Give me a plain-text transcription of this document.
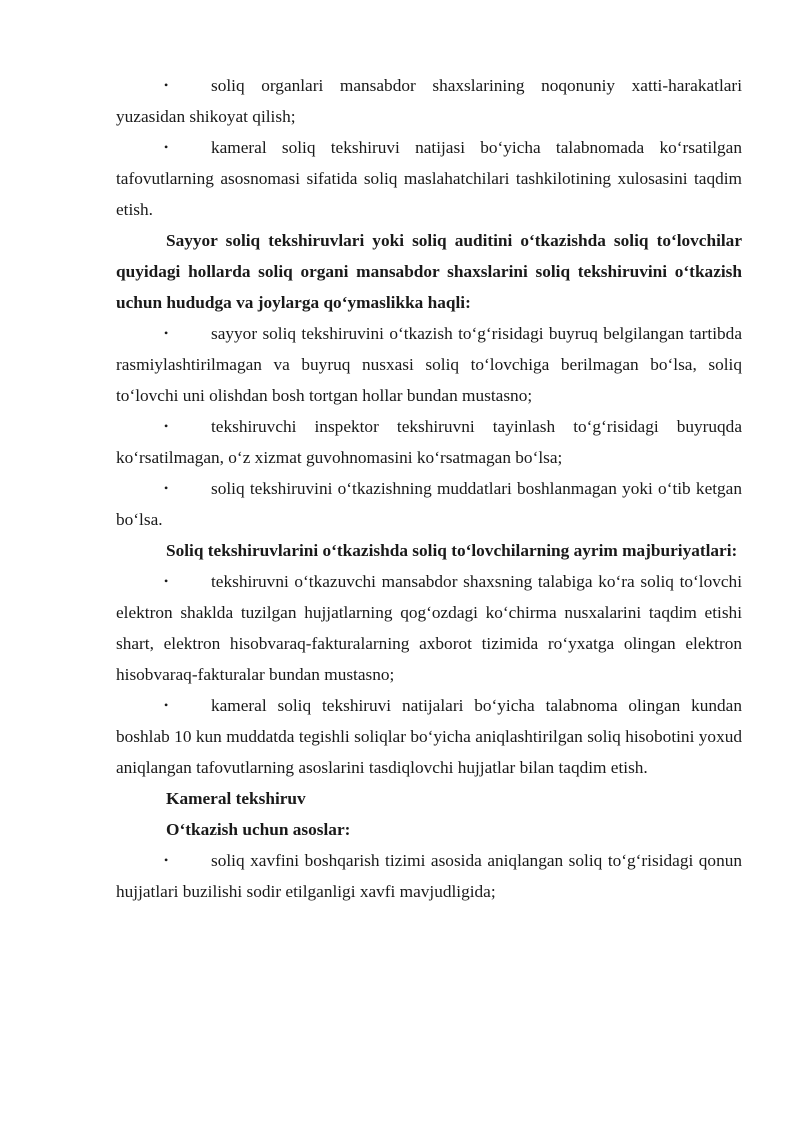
• soliq organlari mansabdor shaxslarining noqonuniy xatti-harakatlari yuzasidan shikoyat qilish;

• kameral soliq tekshiruvi natijasi bo‘yicha talabnomada ko‘rsatilgan tafovutlarning asosnomasi sifatida soliq maslahatchilari tashkilotining xulosasini taqdim etish.

Sayyor soliq tekshiruvlari yoki soliq auditini o‘tkazishda soliq to‘lovchilar quyidagi hollarda soliq organi mansabdor shaxslarini soliq tekshiruvini o‘tkazish uchun hududga va joylarga qo‘ymaslikka haqli:

• sayyor soliq tekshiruvini o‘tkazish to‘g‘risidagi buyruq belgilangan tartibda rasmiylashtirilmagan va buyruq nusxasi soliq to‘lovchiga berilmagan bo‘lsa, soliq to‘lovchi uni olishdan bosh tortgan hollar bundan mustasno;

• tekshiruvchi inspektor tekshiruvni tayinlash to‘g‘risidagi buyruqda ko‘rsatilmagan, o‘z xizmat guvohnomasini ko‘rsatmagan bo‘lsa;

• soliq tekshiruvini o‘tkazishning muddatlari boshlanmagan yoki o‘tib ketgan bo‘lsa.

Soliq tekshiruvlarini o‘tkazishda soliq to‘lovchilarning ayrim majburiyatlari:

• tekshiruvni o‘tkazuvchi mansabdor shaxsning talabiga ko‘ra soliq to‘lovchi elektron shaklda tuzilgan hujjatlarning qog‘ozdagi ko‘chirma nusxalarini taqdim etishi shart, elektron hisobvaraq-fakturalarning axborot tizimida ro‘yxatga olingan elektron hisobvaraq-fakturalar bundan mustasno;

• kameral soliq tekshiruvi natijalari bo‘yicha talabnoma olingan kundan boshlab 10 kun muddatda tegishli soliqlar bo‘yicha aniqlashtirilgan soliq hisobotini yoxud aniqlangan tafovutlarning asoslarini tasdiqlovchi hujjatlar bilan taqdim etish.

Kameral tekshiruv

O‘tkazish uchun asoslar:

• soliq xavfini boshqarish tizimi asosida aniqlangan soliq to‘g‘risidagi qonun hujjatlari buzilishi sodir etilganligi xavfi mavjudligida;
